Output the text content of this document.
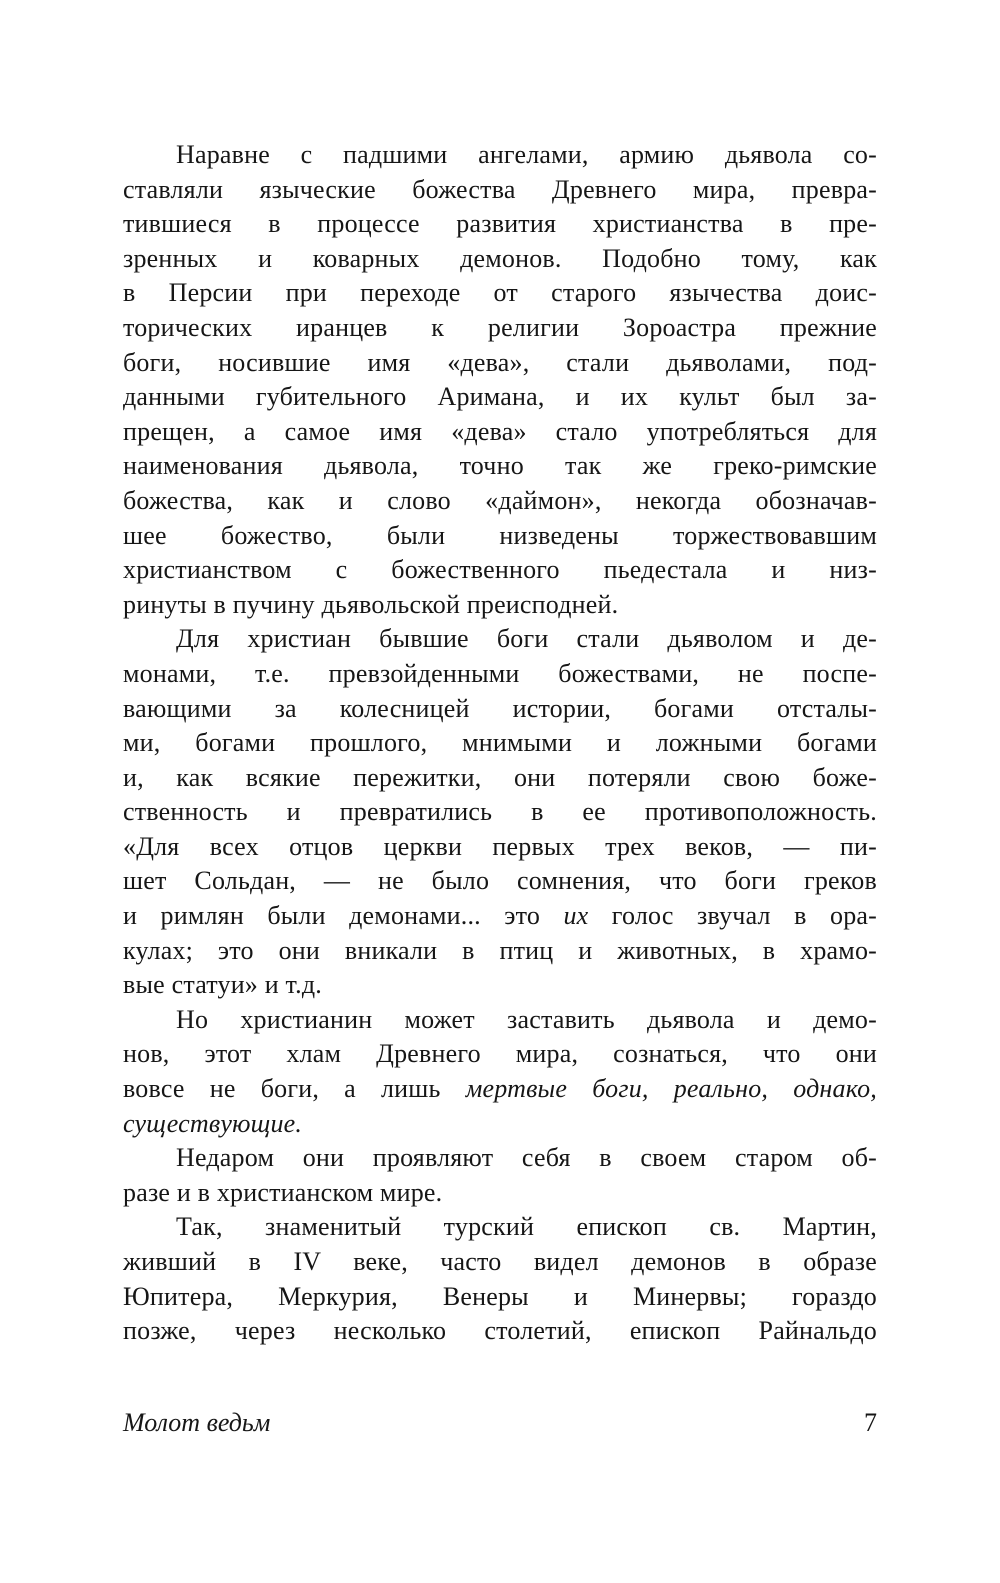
Наравне с падшими ангелами, армию дьявола со-
ставляли языческие божества Древнего мира, превра-
тившиеся в процессе развития христианства в пре-
зренных и коварных демонов. Подобно тому, как
в Персии при переходе от старого язычества доис-
торических иранцев к религии Зороастра прежние
боги, носившие имя «дева», стали дьяволами, под-
данными губительного Аримана, и их культ был за-
прещен, а самое имя «дева» стало употребляться для
наименования дьявола, точно так же греко-римские
божества, как и слово «даймон», некогда обозначав-
шее божество, были низведены торжествовавшим
христианством с божественного пьедестала и низ-
ринуты в пучину дьявольской преисподней.
Для христиан бывшие боги стали дьяволом и де-
монами, т.е. превзойденными божествами, не поспе-
вающими за колесницей истории, богами отсталы-
ми, богами прошлого, мнимыми и ложными богами
и, как всякие пережитки, они потеряли свою боже-
ственность и превратились в ее противоположность.
«Для всех отцов церкви первых трех веков, — пи-
шет Сольдан, — не было сомнения, что боги греков
и римлян были демонами... это их голос звучал в ора-
кулах; это они вникали в птиц и животных, в храмо-
вые статуи» и т.д.
Но христианин может заставить дьявола и демо-
нов, этот хлам Древнего мира, сознаться, что они
вовсе не боги, а лишь мертвые боги, реально, однако,
существующие.
Недаром они проявляют себя в своем старом об-
разе и в христианском мире.
Так, знаменитый турский епископ св. Мартин,
живший в IV веке, часто видел демонов в образе
Юпитера, Меркурия, Венеры и Минервы; гораздо
позже, через несколько столетий, епископ Райнальдо
Молот ведьм	7
